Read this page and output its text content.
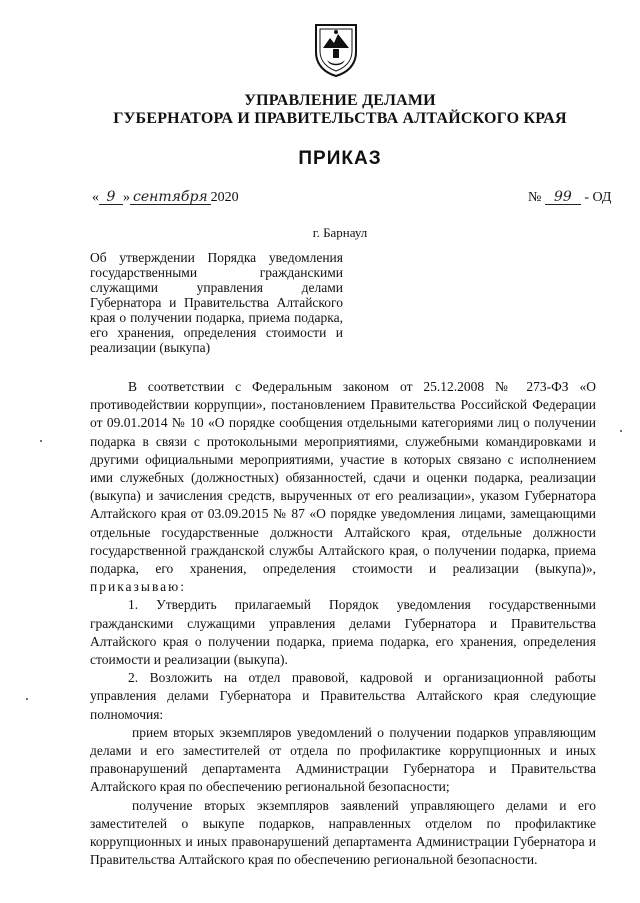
УПРАВЛЕНИЕ ДЕЛАМИ
ГУБЕРНАТОРА И ПРАВИТЕЛЬСТВА АЛТАЙСКОГО КРАЯ
ПРИКАЗ
« 9 » сентября 2020	№ 99 - ОД
г. Барнаул
Об утверждении Порядка уведомления государственными гражданскими служащими управления делами Губернатора и Правительства Алтайского края о получении подарка, приема подарка, его хранения, определения стоимости и реализации (выкупа)

В соответствии с Федеральным законом от 25.12.2008 № 273-ФЗ «О противодействии коррупции», постановлением Правительства Российской Федерации от 09.01.2014 № 10 «О порядке сообщения отдельными категориями лиц о получении подарка в связи с протокольными мероприятиями, служебными командировками и другими официальными мероприятиями, участие в которых связано с исполнением ими служебных (должностных) обязанностей, сдачи и оценки подарка, реализации (выкупа) и зачисления средств, вырученных от его реализации», указом Губернатора Алтайского края от 03.09.2015 № 87 «О порядке уведомления лицами, замещающими отдельные государственные должности Алтайского края, отдельные должности государственной гражданской службы Алтайского края, о получении подарка, приема подарка, его хранения, определения стоимости и реализации (выкупа)», приказываю:

1. Утвердить прилагаемый Порядок уведомления государственными гражданскими служащими управления делами Губернатора и Правительства Алтайского края о получении подарка, приема подарка, его хранения, определения стоимости и реализации (выкупа).

2. Возложить на отдел правовой, кадровой и организационной работы управления делами Губернатора и Правительства Алтайского края следующие полномочия:

прием вторых экземпляров уведомлений о получении подарков управляющим делами и его заместителей от отдела по профилактике коррупционных и иных правонарушений департамента Администрации Губернатора и Правительства Алтайского края по обеспечению региональной безопасности;

получение вторых экземпляров заявлений управляющего делами и его заместителей о выкупе подарков, направленных отделом по профилактике коррупционных и иных правонарушений департамента Администрации Губернатора и Правительства Алтайского края по обеспечению региональной безопасности.
